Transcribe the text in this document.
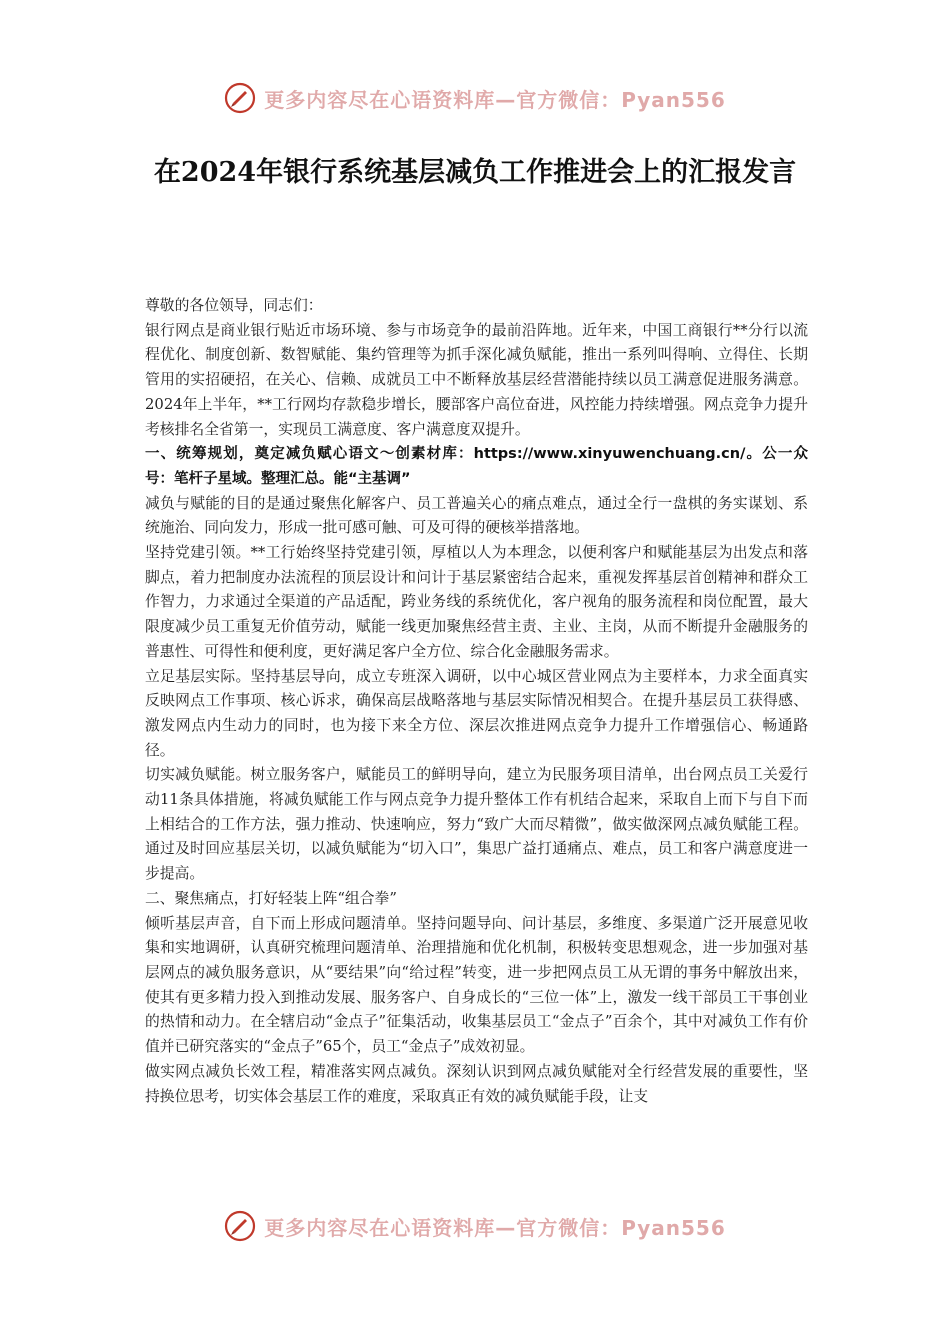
更多内容尽在心语资料库—官方微信：Pyan556
在2024年银行系统基层减负工作推进会上的汇报发言

尊敬的各位领导，同志们：

银行网点是商业银行贴近市场环境、参与市场竞争的最前沿阵地。近年来，中国工商银行**分行以流程优化、制度创新、数智赋能、集约管理等为抓手深化减负赋能，推出一系列叫得响、立得住、长期管用的实招硬招，在关心、信赖、成就员工中不断释放基层经营潜能持续以员工满意促进服务满意。2024年上半年，**工行网均存款稳步增长，腰部客户高位奋进，风控能力持续增强。网点竞争力提升考核排名全省第一，实现员工满意度、客户满意度双提升。

一、统筹规划，奠定减负赋心语文～创素材库：https://www.xinyuwenchuang.cn/。公一众号：笔杆子星域。整理汇总。能“主基调”

减负与赋能的目的是通过聚焦化解客户、员工普遍关心的痛点难点，通过全行一盘棋的务实谋划、系统施治、同向发力，形成一批可感可触、可及可得的硬核举措落地。

坚持党建引领。**工行始终坚持党建引领，厚植以人为本理念，以便利客户和赋能基层为出发点和落脚点，着力把制度办法流程的顶层设计和问计于基层紧密结合起来，重视发挥基层首创精神和群众工作智力，力求通过全渠道的产品适配，跨业务线的系统优化，客户视角的服务流程和岗位配置，最大限度减少员工重复无价值劳动，赋能一线更加聚焦经营主责、主业、主岗，从而不断提升金融服务的普惠性、可得性和便利度，更好满足客户全方位、综合化金融服务需求。

立足基层实际。坚持基层导向，成立专班深入调研，以中心城区营业网点为主要样本，力求全面真实反映网点工作事项、核心诉求，确保高层战略落地与基层实际情况相契合。在提升基层员工获得感、激发网点内生动力的同时，也为接下来全方位、深层次推进网点竞争力提升工作增强信心、畅通路径。

切实减负赋能。树立服务客户，赋能员工的鲜明导向，建立为民服务项目清单，出台网点员工关爱行动11条具体措施，将减负赋能工作与网点竞争力提升整体工作有机结合起来，采取自上而下与自下而上相结合的工作方法，强力推动、快速响应，努力“致广大而尽精微”，做实做深网点减负赋能工程。通过及时回应基层关切，以减负赋能为“切入口”，集思广益打通痛点、难点，员工和客户满意度进一步提高。

二、聚焦痛点，打好轻装上阵“组合拳”

倾听基层声音，自下而上形成问题清单。坚持问题导向、问计基层，多维度、多渠道广泛开展意见收集和实地调研，认真研究梳理问题清单、治理措施和优化机制，积极转变思想观念，进一步加强对基层网点的减负服务意识，从“要结果”向“给过程”转变，进一步把网点员工从无谓的事务中解放出来，使其有更多精力投入到推动发展、服务客户、自身成长的“三位一体”上，激发一线干部员工干事创业的热情和动力。在全辖启动“金点子”征集活动，收集基层员工“金点子”百余个，其中对减负工作有价值并已研究落实的“金点子”65个，员工“金点子”成效初显。

做实网点减负长效工程，精准落实网点减负。深刻认识到网点减负赋能对全行经营发展的重要性，坚持换位思考，切实体会基层工作的难度，采取真正有效的减负赋能手段，让支

更多内容尽在心语资料库—官方微信：Pyan556
